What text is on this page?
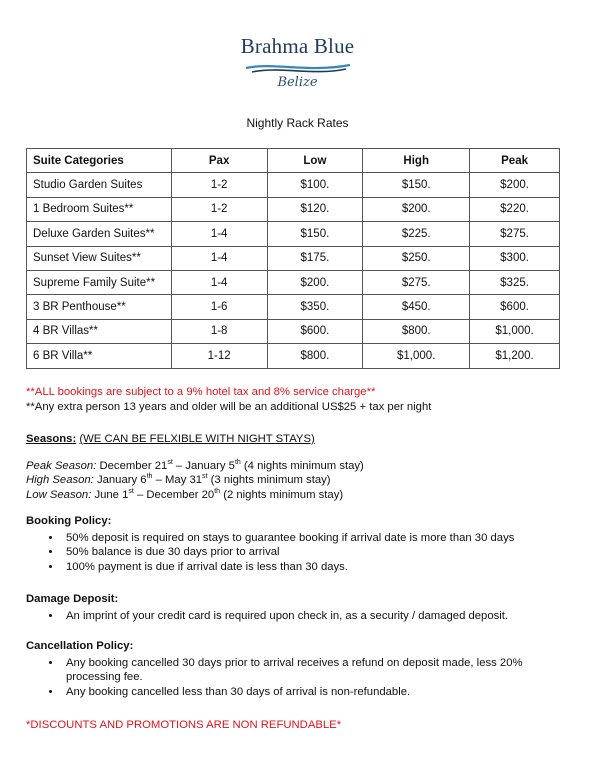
Brahma Blue
Belize
Nightly Rack Rates
Suite Categories	Pax	Low	High	Peak
Studio Garden Suites	1-2	$100.	$150.	$200.
1 Bedroom Suites**	1-2	$120.	$200.	$220.
Deluxe Garden Suites**	1-4	$150.	$225.	$275.
Sunset View Suites**	1-4	$175.	$250.	$300.
Supreme Family Suite**	1-4	$200.	$275.	$325.
3 BR Penthouse**	1-6	$350.	$450.	$600.
4 BR Villas**	1-8	$600.	$800.	$1,000.
6 BR Villa**	1-12	$800.	$1,000.	$1,200.
**ALL bookings are subject to a 9% hotel tax and 8% service charge**
**Any extra person 13 years and older will be an additional US$25 + tax per night
Seasons: (WE CAN BE FELXIBLE WITH NIGHT STAYS)
Peak Season: December 21st – January 5th (4 nights minimum stay)
High Season: January 6th – May 31st (3 nights minimum stay)
Low Season: June 1st – December 20th (2 nights minimum stay)
Booking Policy:
• 50% deposit is required on stays to guarantee booking if arrival date is more than 30 days
• 50% balance is due 30 days prior to arrival
• 100% payment is due if arrival date is less than 30 days.
Damage Deposit:
• An imprint of your credit card is required upon check in, as a security / damaged deposit.
Cancellation Policy:
• Any booking cancelled 30 days prior to arrival receives a refund on deposit made, less 20% processing fee.
• Any booking cancelled less than 30 days of arrival is non-refundable.
*DISCOUNTS AND PROMOTIONS ARE NON REFUNDABLE*
